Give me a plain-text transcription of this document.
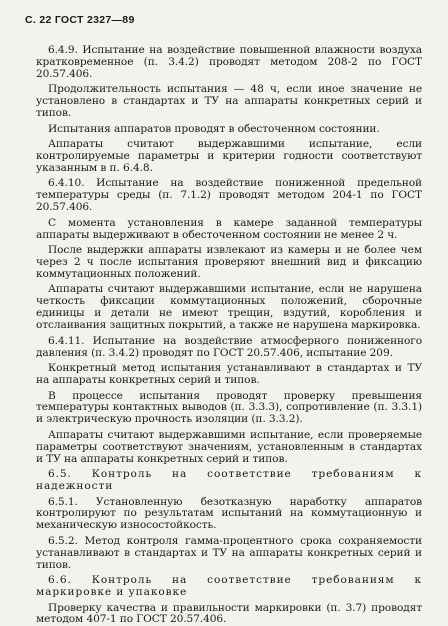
С. 22 ГОСТ 2327—89

6.4.9. Испытание на воздействие повышенной влажности воздуха кратковременное (п. 3.4.2) проводят методом 208-2 по ГОСТ 20.57.406.

Продолжительность испытания — 48 ч, если иное значение не установлено в стандартах и ТУ на аппараты конкретных серий и типов.

Испытания аппаратов проводят в обесточенном состоянии.

Аппараты считают выдержавшими испытание, если контролируемые параметры и критерии годности соответствуют указанным в п. 6.4.8.

6.4.10. Испытание на воздействие пониженной предельной температуры среды (п. 7.1.2) проводят методом 204-1 по ГОСТ 20.57.406.

С момента установления в камере заданной температуры аппараты выдерживают в обесточенном состоянии не менее 2 ч.

После выдержки аппараты извлекают из камеры и не более чем через 2 ч после испытания проверяют внешний вид и фиксацию коммутационных положений.

Аппараты считают выдержавшими испытание, если не нарушена четкость фиксации коммутационных положений, сборочные единицы и детали не имеют трещин, вздутий, коробления и отслаивания защитных покрытий, а также не нарушена маркировка.

6.4.11. Испытание на воздействие атмосферного пониженного давления (п. 3.4.2) проводят по ГОСТ 20.57.406, испытание 209.

Конкретный метод испытания устанавливают в стандартах и ТУ на аппараты конкретных серий и типов.

В процессе испытания проводят проверку превышения температуры контактных выводов (п. 3.3.3), сопротивление (п. 3.3.1) и электрическую прочность изоляции (п. 3.3.2).

Аппараты считают выдержавшими испытание, если проверяемые параметры соответствуют значениям, установленным в стандартах и ТУ на аппараты конкретных серий и типов.

6.5. Контроль на соответствие требованиям к надежности

6.5.1. Установленную безотказную наработку аппаратов контролируют по результатам испытаний на коммутационную и механическую износостойкость.

6.5.2. Метод контроля гамма-процентного срока сохраняемости устанавливают в стандартах и ТУ на аппараты конкретных серий и типов.

6.6. Контроль на соответствие требованиям к маркировке и упаковке

Проверку качества и правильности маркировки (п. 3.7) проводят методом 407-1 по ГОСТ 20.57.406.
